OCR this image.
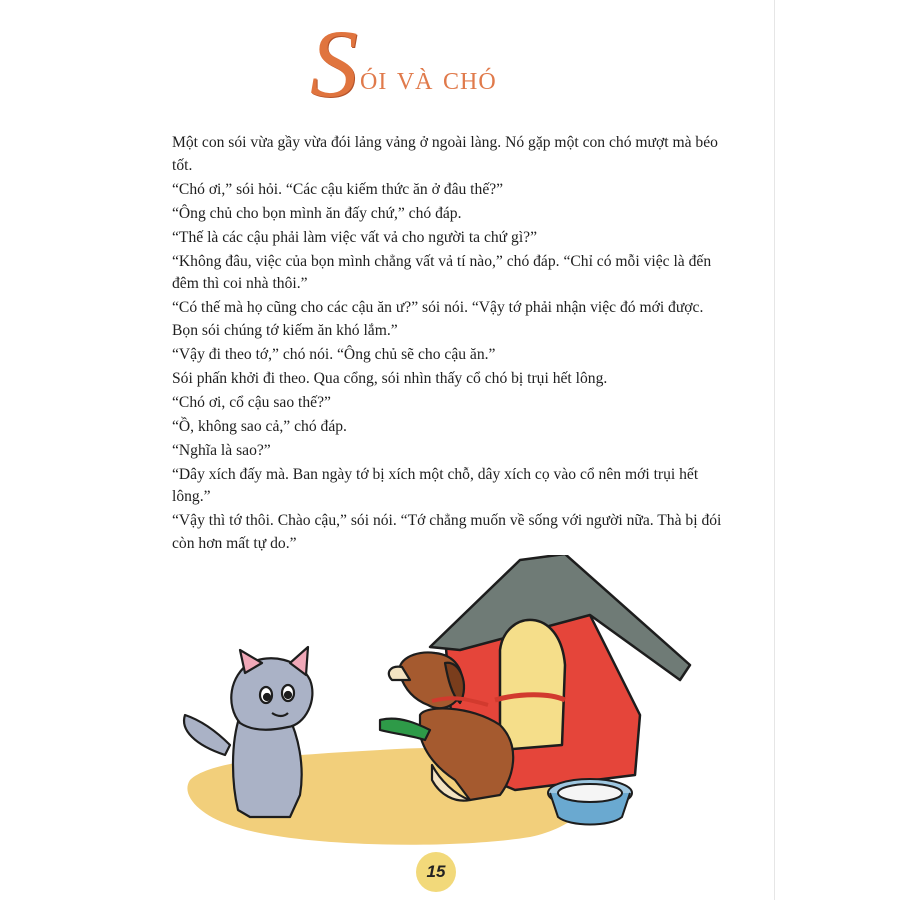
S ói và chó

Một con sói vừa gầy vừa đói lảng vảng ở ngoài làng. Nó gặp một con chó mượt mà béo tốt.

“Chó ơi,” sói hỏi. “Các cậu kiếm thức ăn ở đâu thế?”

“Ông chủ cho bọn mình ăn đấy chứ,” chó đáp.

“Thế là các cậu phải làm việc vất vả cho người ta chứ gì?”

“Không đâu, việc của bọn mình chẳng vất vả tí nào,” chó đáp. “Chỉ có mỗi việc là đến đêm thì coi nhà thôi.”

“Có thế mà họ cũng cho các cậu ăn ư?” sói nói. “Vậy tớ phải nhận việc đó mới được. Bọn sói chúng tớ kiếm ăn khó lắm.”

“Vậy đi theo tớ,” chó nói. “Ông chủ sẽ cho cậu ăn.”

Sói phấn khởi đi theo. Qua cổng, sói nhìn thấy cổ chó bị trụi hết lông.

“Chó ơi, cổ cậu sao thế?”

“Ồ, không sao cả,” chó đáp.

“Nghĩa là sao?”

“Dây xích đấy mà. Ban ngày tớ bị xích một chỗ, dây xích cọ vào cổ nên mới trụi hết lông.”

“Vậy thì tớ thôi. Chào cậu,” sói nói. “Tớ chẳng muốn về sống với người nữa. Thà bị đói còn hơn mất tự do.”

15
